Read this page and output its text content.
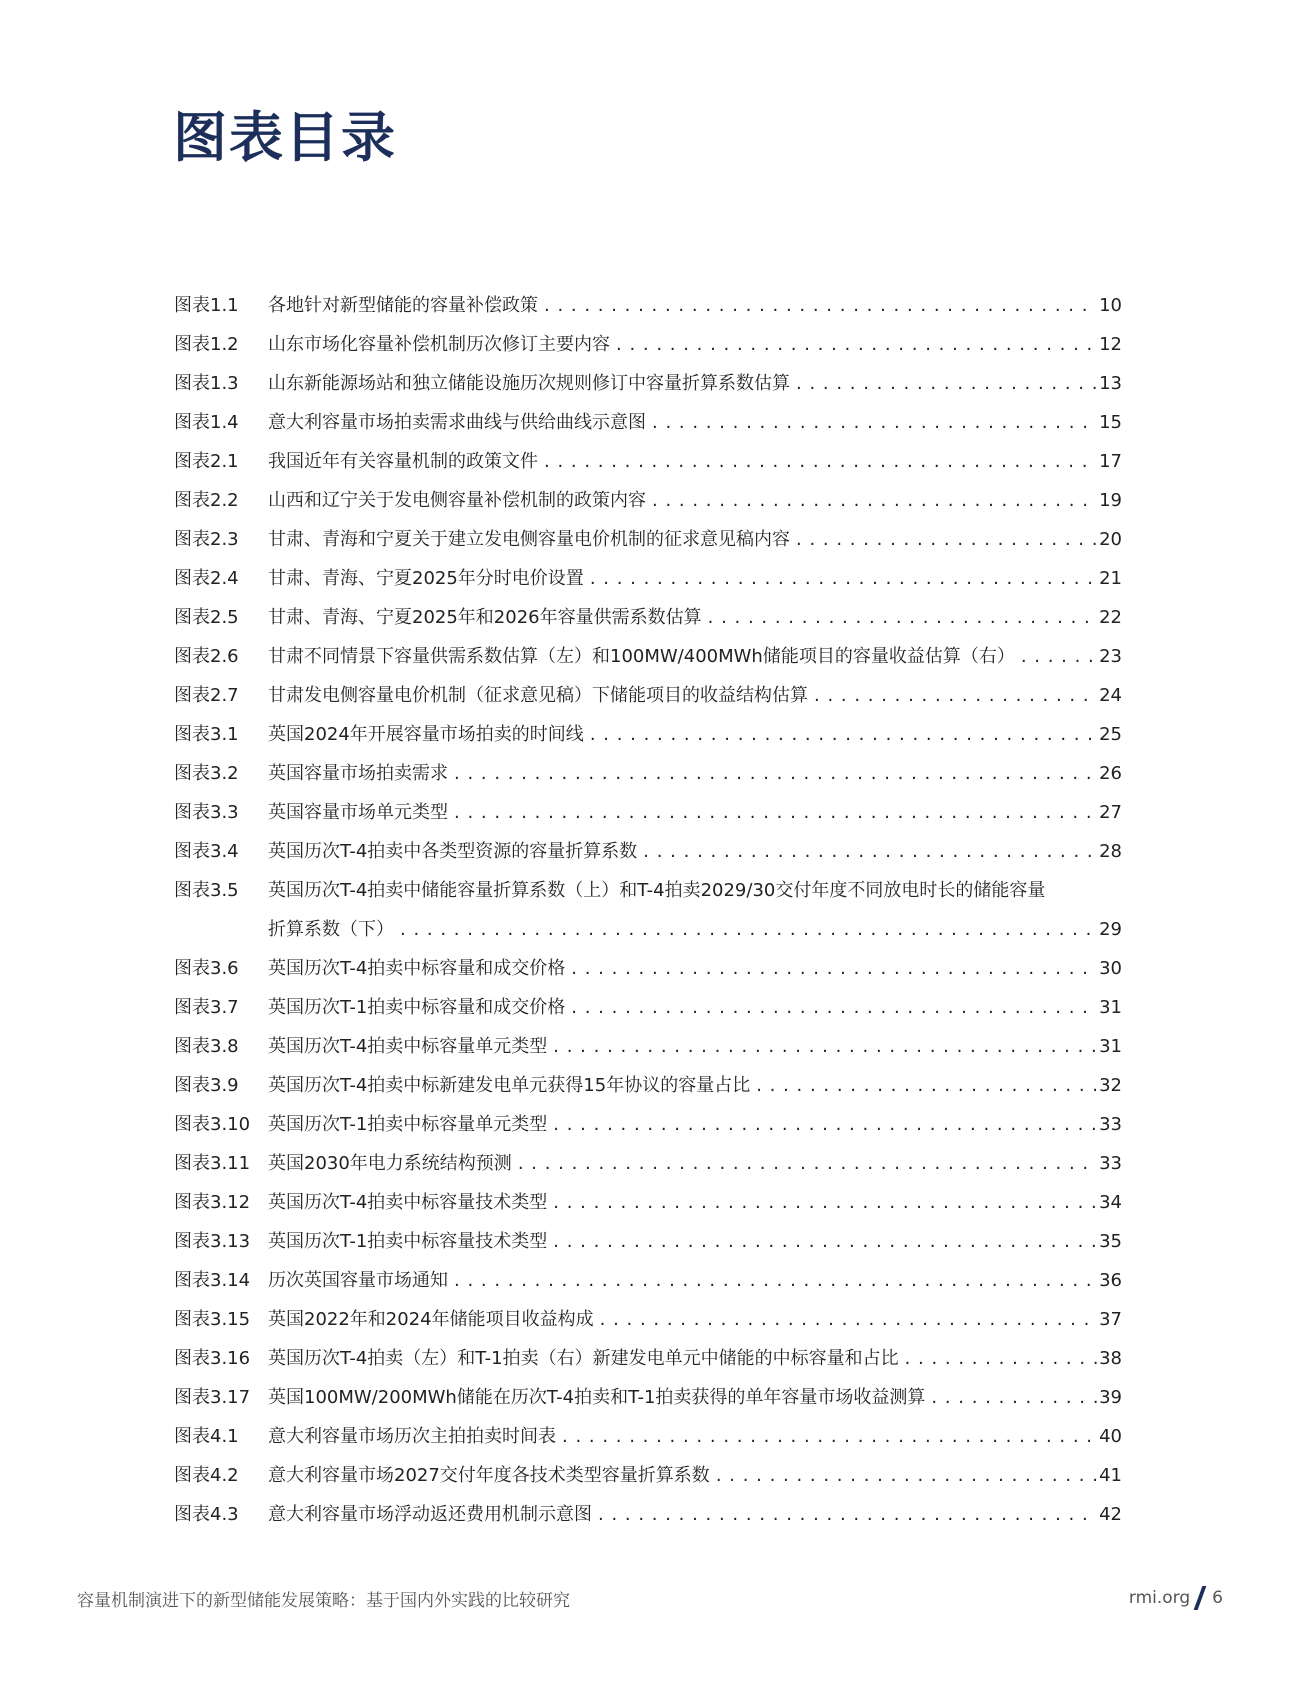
图表目录
图表1.1	各地针对新型储能的容量补偿政策 . . .	10
图表1.2	山东市场化容量补偿机制历次修订主要内容 . . .	12
图表1.3	山东新能源场站和独立储能设施历次规则修订中容量折算系数估算 . . .	13
图表1.4	意大利容量市场拍卖需求曲线与供给曲线示意图 . . .	15
图表2.1	我国近年有关容量机制的政策文件 . . .	17
图表2.2	山西和辽宁关于发电侧容量补偿机制的政策内容 . . .	19
图表2.3	甘肃、青海和宁夏关于建立发电侧容量电价机制的征求意见稿内容 . . .	20
图表2.4	甘肃、青海、宁夏2025年分时电价设置 . . .	21
图表2.5	甘肃、青海、宁夏2025年和2026年容量供需系数估算 . . .	22
图表2.6	甘肃不同情景下容量供需系数估算（左）和100MW/400MWh储能项目的容量收益估算（右） . . .	23
图表2.7	甘肃发电侧容量电价机制（征求意见稿）下储能项目的收益结构估算 . . .	24
图表3.1	英国2024年开展容量市场拍卖的时间线 . . .	25
图表3.2	英国容量市场拍卖需求 . . .	26
图表3.3	英国容量市场单元类型 . . .	27
图表3.4	英国历次T-4拍卖中各类型资源的容量折算系数 . . .	28
图表3.5	英国历次T-4拍卖中储能容量折算系数（上）和T-4拍卖2029/30交付年度不同放电时长的储能容量
折算系数（下） . . .	29
图表3.6	英国历次T-4拍卖中标容量和成交价格 . . .	30
图表3.7	英国历次T-1拍卖中标容量和成交价格 . . .	31
图表3.8	英国历次T-4拍卖中标容量单元类型 . . .	31
图表3.9	英国历次T-4拍卖中标新建发电单元获得15年协议的容量占比 . . .	32
图表3.10 英国历次T-1拍卖中标容量单元类型 . . .	33
图表3.11 英国2030年电力系统结构预测 . . .	33
图表3.12 英国历次T-4拍卖中标容量技术类型 . . .	34
图表3.13 英国历次T-1拍卖中标容量技术类型 . . .	35
图表3.14 历次英国容量市场通知 . . .	36
图表3.15 英国2022年和2024年储能项目收益构成 . . .	37
图表3.16 英国历次T-4拍卖（左）和T-1拍卖（右）新建发电单元中储能的中标容量和占比 . . .	38
图表3.17 英国100MW/200MWh储能在历次T-4拍卖和T-1拍卖获得的单年容量市场收益测算 . . .	39
图表4.1	意大利容量市场历次主拍拍卖时间表 . . .	40
图表4.2	意大利容量市场2027交付年度各技术类型容量折算系数 . . .	41
图表4.3	意大利容量市场浮动返还费用机制示意图 . . .	42
容量机制演进下的新型储能发展策略：基于国内外实践的比较研究	rmi.org 6
